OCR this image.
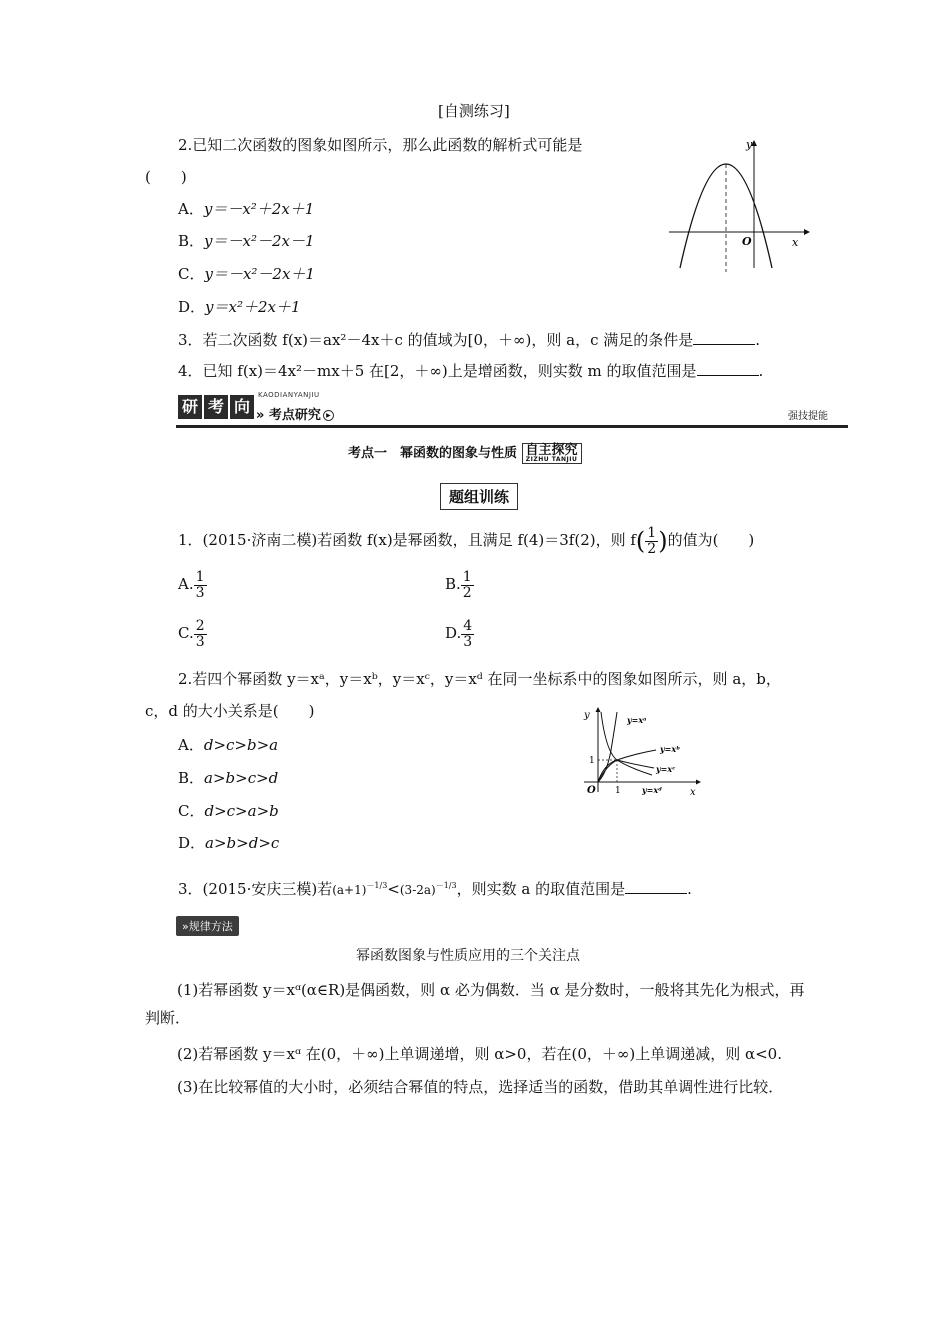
[自测练习]
2.已知二次函数的图象如图所示，那么此函数的解析式可能是
(　　)
A．y＝－x²＋2x＋1
B．y＝－x²－2x－1
C．y＝－x²－2x＋1
D．y＝x²＋2x＋1
y
x
O
3．若二次函数 f(x)＝ax²－4x＋c 的值域为[0，＋∞)，则 a，c 满足的条件是	.
4．已知 f(x)＝4x²－mx＋5 在[2，＋∞)上是增函数，则实数 m 的取值范围是	.
研 考 向
KAODIANYANJIU
» 考点研究 ▶	强技提能
考点一　幂函数的图象与性质 自主探究
ZIZHU TANJIU
题组训练
1．(2015·济南二模)若函数 f(x)是幂函数，且满足 f(4)＝3f(2)，则 $f( \frac{1}{2}$ )的值为(　　)
A. $\frac{1}{3}$	B. $\frac{1}{2}$
C. $\frac{2}{3}$	D. $\frac{4}{3}$
2.若四个幂函数 y＝xᵃ，y＝xᵇ，y＝xᶜ，y＝xᵈ 在同一坐标系中的图象如图所示，则 a，b，
c，d 的大小关系是(　　)
A．d>c>b>a
B．a>b>c>d
C．d>c>a>b
D．a>b>d>c
y
x
O 1
1
y=xᵃ
y=xᵇ
y=xᶜ
y=xᵈ
3．(2015·安庆三模)若$(a+1)^{-1/3}<(3-2a)^{-1/3}$，则实数 a 的取值范围是	.
»规律方法
幂函数图象与性质应用的三个关注点
(1)若幂函数 y＝xᵅ(α∈R)是偶函数，则 α 必为偶数．当 α 是分数时，一般将其先化为根式，再判断．
(2)若幂函数 y＝xᵅ 在(0，＋∞)上单调递增，则 α>0，若在(0，＋∞)上单调递减，则 α<0.
(3)在比较幂值的大小时，必须结合幂值的特点，选择适当的函数，借助其单调性进行比较．
